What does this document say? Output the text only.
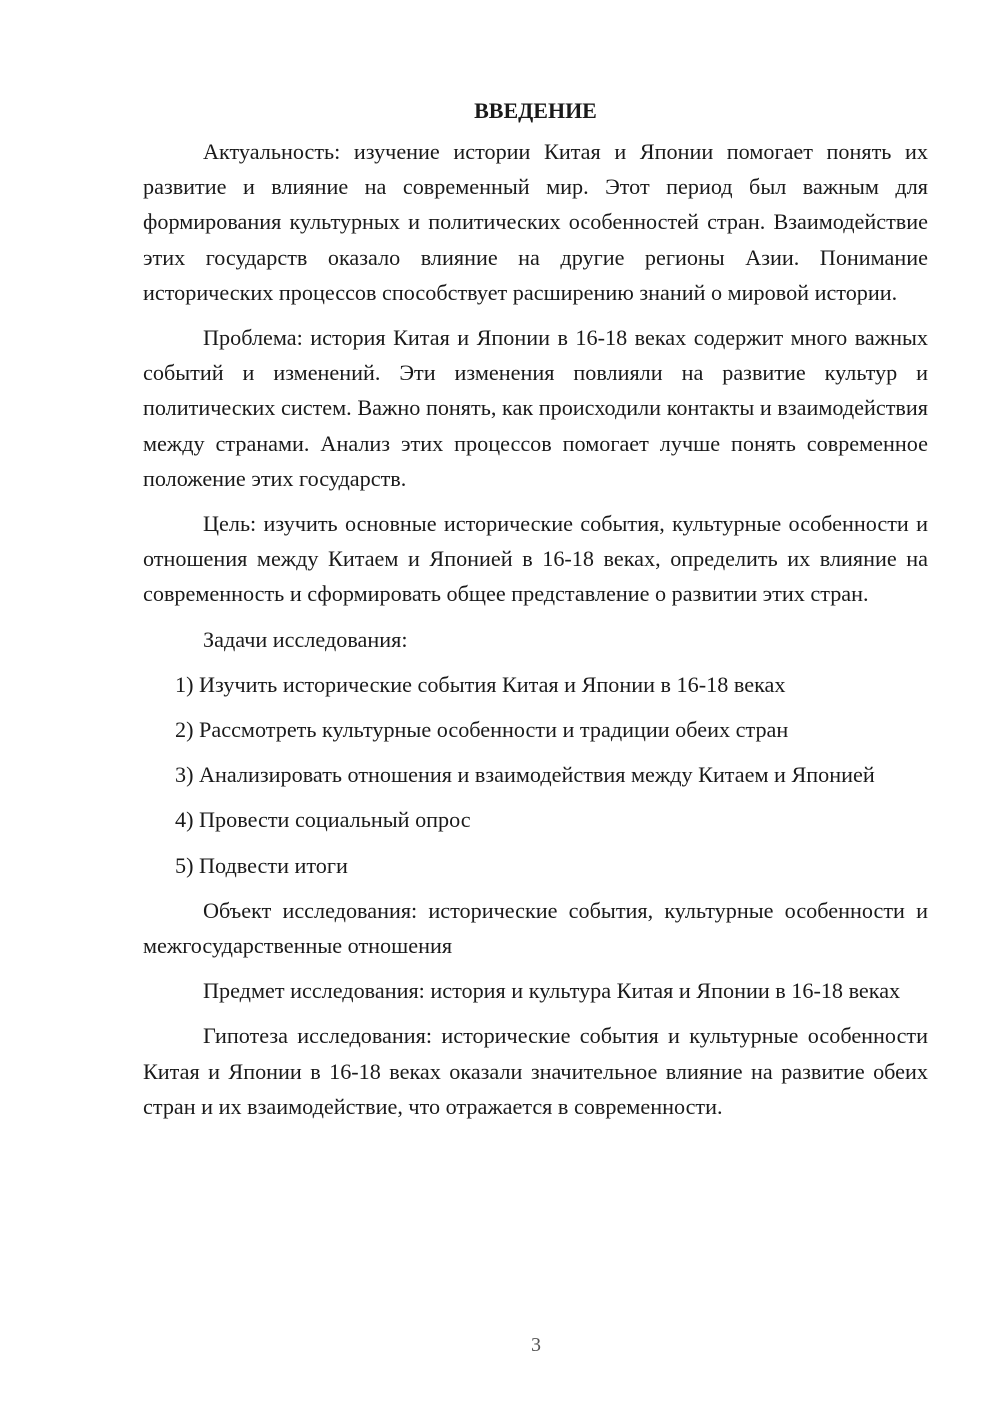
ВВЕДЕНИЕ

Актуальность: изучение истории Китая и Японии помогает понять их развитие и влияние на современный мир. Этот период был важным для формирования культурных и политических особенностей стран. Взаимодействие этих государств оказало влияние на другие регионы Азии. Понимание исторических процессов способствует расширению знаний о мировой истории.

Проблема: история Китая и Японии в 16-18 веках содержит много важных событий и изменений. Эти изменения повлияли на развитие культур и политических систем. Важно понять, как происходили контакты и взаимодействия между странами. Анализ этих процессов помогает лучше понять современное положение этих государств.

Цель: изучить основные исторические события, культурные особенности и отношения между Китаем и Японией в 16-18 веках, определить их влияние на современность и сформировать общее представление о развитии этих стран.

Задачи исследования:

1) Изучить исторические события Китая и Японии в 16-18 веках

2) Рассмотреть культурные особенности и традиции обеих стран

3) Анализировать отношения и взаимодействия между Китаем и Японией

4) Провести социальный опрос

5) Подвести итоги

Объект исследования: исторические события, культурные особенности и межгосударственные отношения

Предмет исследования: история и культура Китая и Японии в 16-18 веках

Гипотеза исследования: исторические события и культурные особенности Китая и Японии в 16-18 веках оказали значительное влияние на развитие обеих стран и их взаимодействие, что отражается в современности.

3
